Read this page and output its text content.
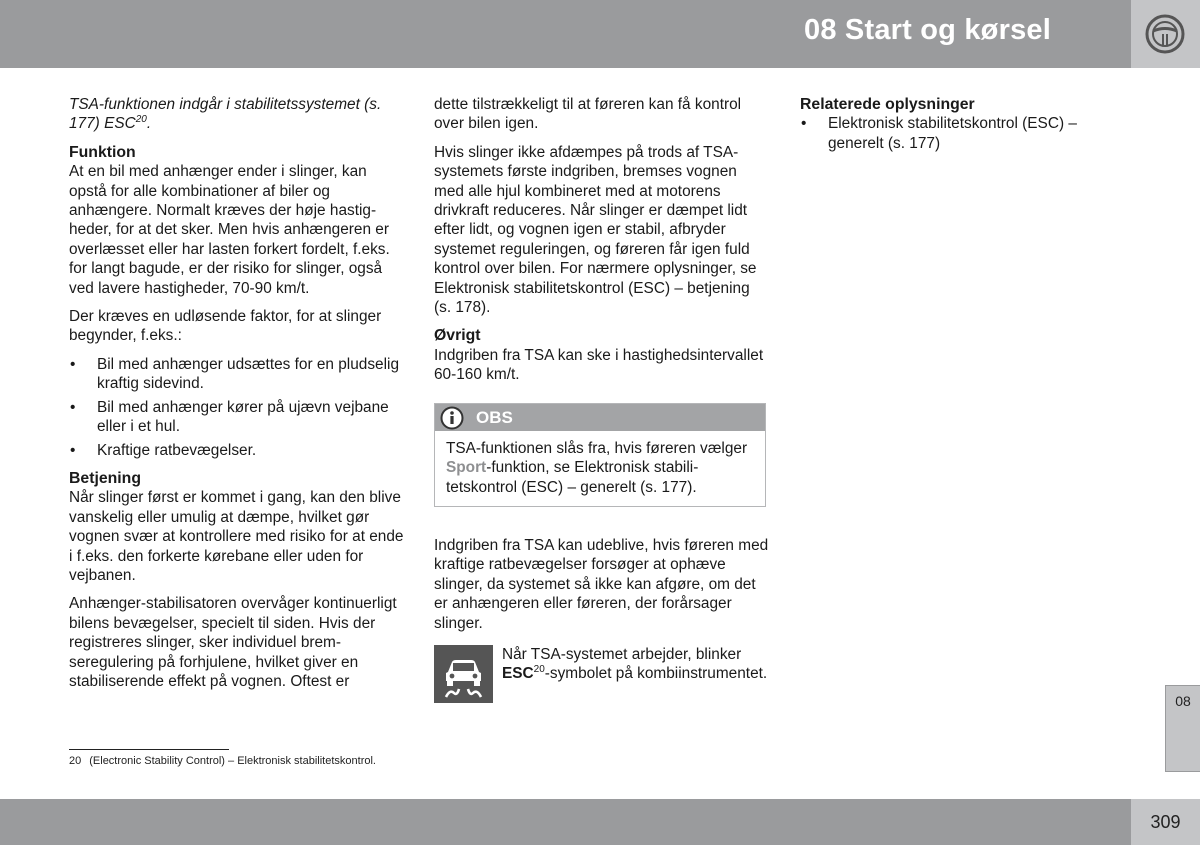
08 Start og kørsel

TSA-funktionen indgår i stabilitetssystemet (s. 177) ESC$^{20}$.

Funktion

At en bil med anhænger ender i slinger, kan opstå for alle kombinationer af biler og anhængere. Normalt kræves der høje hastigheder, for at det sker. Men hvis anhængeren er overlæsset eller har lasten forkert fordelt, f.eks. for langt bagude, er der risiko for slinger, også ved lavere hastigheder, 70-90 km/t.

Der kræves en udløsende faktor, for at slinger begynder, f.eks.:

• Bil med anhænger udsættes for en pludselig kraftig sidevind.
• Bil med anhænger kører på ujævn vejbane eller i et hul.
• Kraftige ratbevægelser.
Betjening

Når slinger først er kommet i gang, kan den blive vanskelig eller umulig at dæmpe, hvilket gør vognen svær at kontrollere med risiko for at ende i f.eks. den forkerte kørebane eller uden for vejbanen.

Anhænger-stabilisatoren overvåger kontinuerligt bilens bevægelser, specielt til siden. Hvis der registreres slinger, sker individuel bremseregulering på forhjulene, hvilket giver en stabiliserende effekt på vognen. Oftest er

dette tilstrækkeligt til at føreren kan få kontrol over bilen igen.

Hvis slinger ikke afdæmpes på trods af TSA-systemets første indgriben, bremses vognen med alle hjul kombineret med at motorens drivkraft reduceres. Når slinger er dæmpet lidt efter lidt, og vognen igen er stabil, afbryder systemet reguleringen, og føreren får igen fuld kontrol over bilen. For nærmere oplysninger, se Elektronisk stabilitetskontrol (ESC) – betjening (s. 178).

Øvrigt

Indgriben fra TSA kan ske i hastighedsintervallet 60-160 km/t.

OBS
TSA-funktionen slås fra, hvis føreren vælger Sport-funktion, se Elektronisk stabilitetskontrol (ESC) – generelt (s. 177).

Indgriben fra TSA kan udeblive, hvis føreren med kraftige ratbevægelser forsøger at ophæve slinger, da systemet så ikke kan afgøre, om det er anhængeren eller føreren, der forårsager slinger.

Når TSA-systemet arbejder, blinker ESC$^{20}$-symbolet på kombiinstrumentet.
Relaterede oplysninger
• Elektronisk stabilitetskontrol (ESC) – generelt (s. 177)
20 (Electronic Stability Control) – Elektronisk stabilitetskontrol.
08
309
